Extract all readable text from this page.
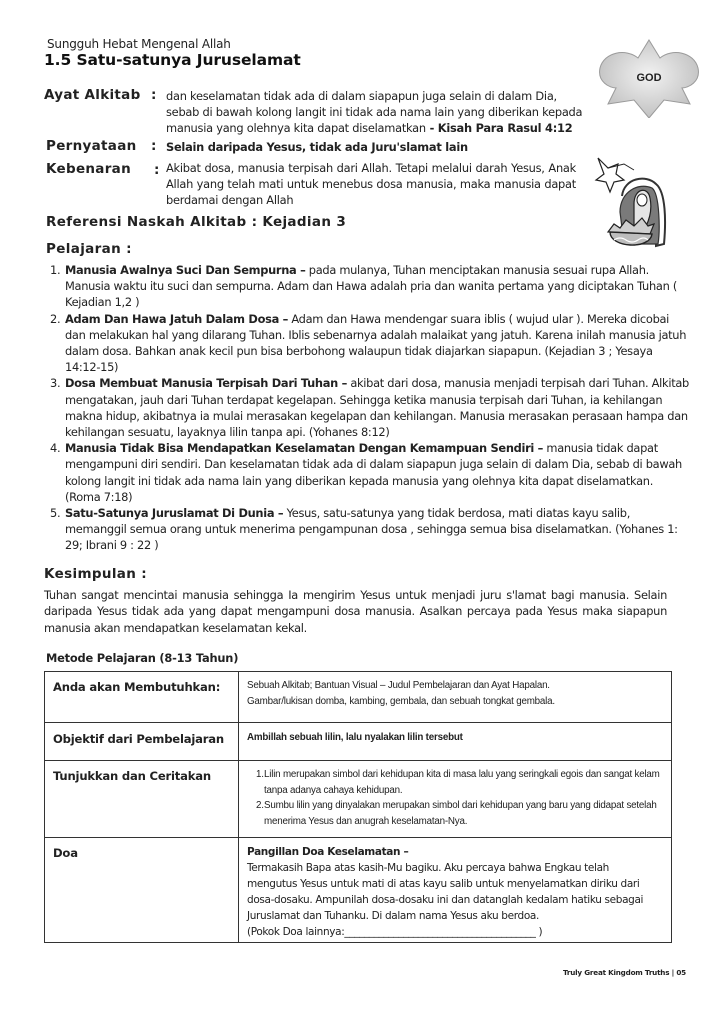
Sungguh Hebat Mengenal Allah
1.5 Satu-satunya Juruselamat
GOD
Ayat Alkitab : dan keselamatan tidak ada di dalam siapapun juga selain di dalam Dia,
sebab di bawah kolong langit ini tidak ada nama lain yang diberikan kepada
manusia yang olehnya kita dapat diselamatkan - Kisah Para Rasul 4:12
Pernyataan : Selain daripada Yesus, tidak ada Juru'slamat lain
Kebenaran : Akibat dosa, manusia terpisah dari Allah. Tetapi melalui darah Yesus, Anak Allah yang telah mati untuk menebus dosa manusia, maka manusia dapat berdamai dengan Allah
Referensi Naskah Alkitab : Kejadian 3
Pelajaran :
1. Manusia Awalnya Suci Dan Sempurna – pada mulanya, Tuhan menciptakan manusia sesuai rupa Allah. Manusia waktu itu suci dan sempurna. Adam dan Hawa adalah pria dan wanita pertama yang diciptakan Tuhan ( Kejadian 1,2 )
2. Adam Dan Hawa Jatuh Dalam Dosa – Adam dan Hawa mendengar suara iblis ( wujud ular ). Mereka dicobai dan melakukan hal yang dilarang Tuhan. Iblis sebenarnya adalah malaikat yang jatuh. Karena inilah manusia jatuh dalam dosa. Bahkan anak kecil pun bisa berbohong walaupun tidak diajarkan siapapun. (Kejadian 3 ; Yesaya 14:12-15)
3. Dosa Membuat Manusia Terpisah Dari Tuhan – akibat dari dosa, manusia menjadi terpisah dari Tuhan. Alkitab mengatakan, jauh dari Tuhan terdapat kegelapan. Sehingga ketika manusia terpisah dari Tuhan, ia kehilangan makna hidup, akibatnya ia mulai merasakan kegelapan dan kehilangan. Manusia merasakan perasaan hampa dan kehilangan sesuatu, layaknya lilin tanpa api. (Yohanes 8:12)
4. Manusia Tidak Bisa Mendapatkan Keselamatan Dengan Kemampuan Sendiri – manusia tidak dapat mengampuni diri sendiri. Dan keselamatan tidak ada di dalam siapapun juga selain di dalam Dia, sebab di bawah kolong langit ini tidak ada nama lain yang diberikan kepada manusia yang olehnya kita dapat diselamatkan. (Roma 7:18)
5. Satu-Satunya Juruslamat Di Dunia – Yesus, satu-satunya yang tidak berdosa, mati diatas kayu salib, memanggil semua orang untuk menerima pengampunan dosa , sehingga semua bisa diselamatkan. (Yohanes 1: 29; Ibrani 9 : 22 )
Kesimpulan :
Tuhan sangat mencintai manusia sehingga Ia mengirim Yesus untuk menjadi juru s'lamat bagi manusia. Selain daripada Yesus tidak ada yang dapat mengampuni dosa manusia. Asalkan percaya pada Yesus maka siapapun manusia akan mendapatkan keselamatan kekal.
Metode Pelajaran (8-13 Tahun)
Anda akan Membutuhkan:	Sebuah Alkitab; Bantuan Visual – Judul Pembelajaran dan Ayat Hapalan.
Gambar/lukisan domba, kambing, gembala, dan sebuah tongkat gembala.

Objektif dari Pembelajaran	Ambillah sebuah lilin, lalu nyalakan lilin tersebut
Tunjukkan dan Ceritakan	1. Lilin merupakan simbol dari kehidupan kita di masa lalu yang seringkali egois dan sangat kelam tanpa adanya cahaya kehidupan.
2. Sumbu lilin yang dinyalakan merupakan simbol dari kehidupan yang baru yang didapat setelah menerima Yesus dan anugrah keselamatan-Nya.

Doa	Pangillan Doa Keselamatan –
Termakasih Bapa atas kasih-Mu bagiku. Aku percaya bahwa Engkau telah mengutus Yesus untuk mati di atas kayu salib untuk menyelamatkan diriku dari dosa-dosaku. Ampunilah dosa-dosaku ini dan datanglah kedalam hatiku sebagai Juruslamat dan Tuhanku. Di dalam nama Yesus aku berdoa.
(Pokok Doa lainnya:_______________________________________ )
Truly Great Kingdom Truths | 05
